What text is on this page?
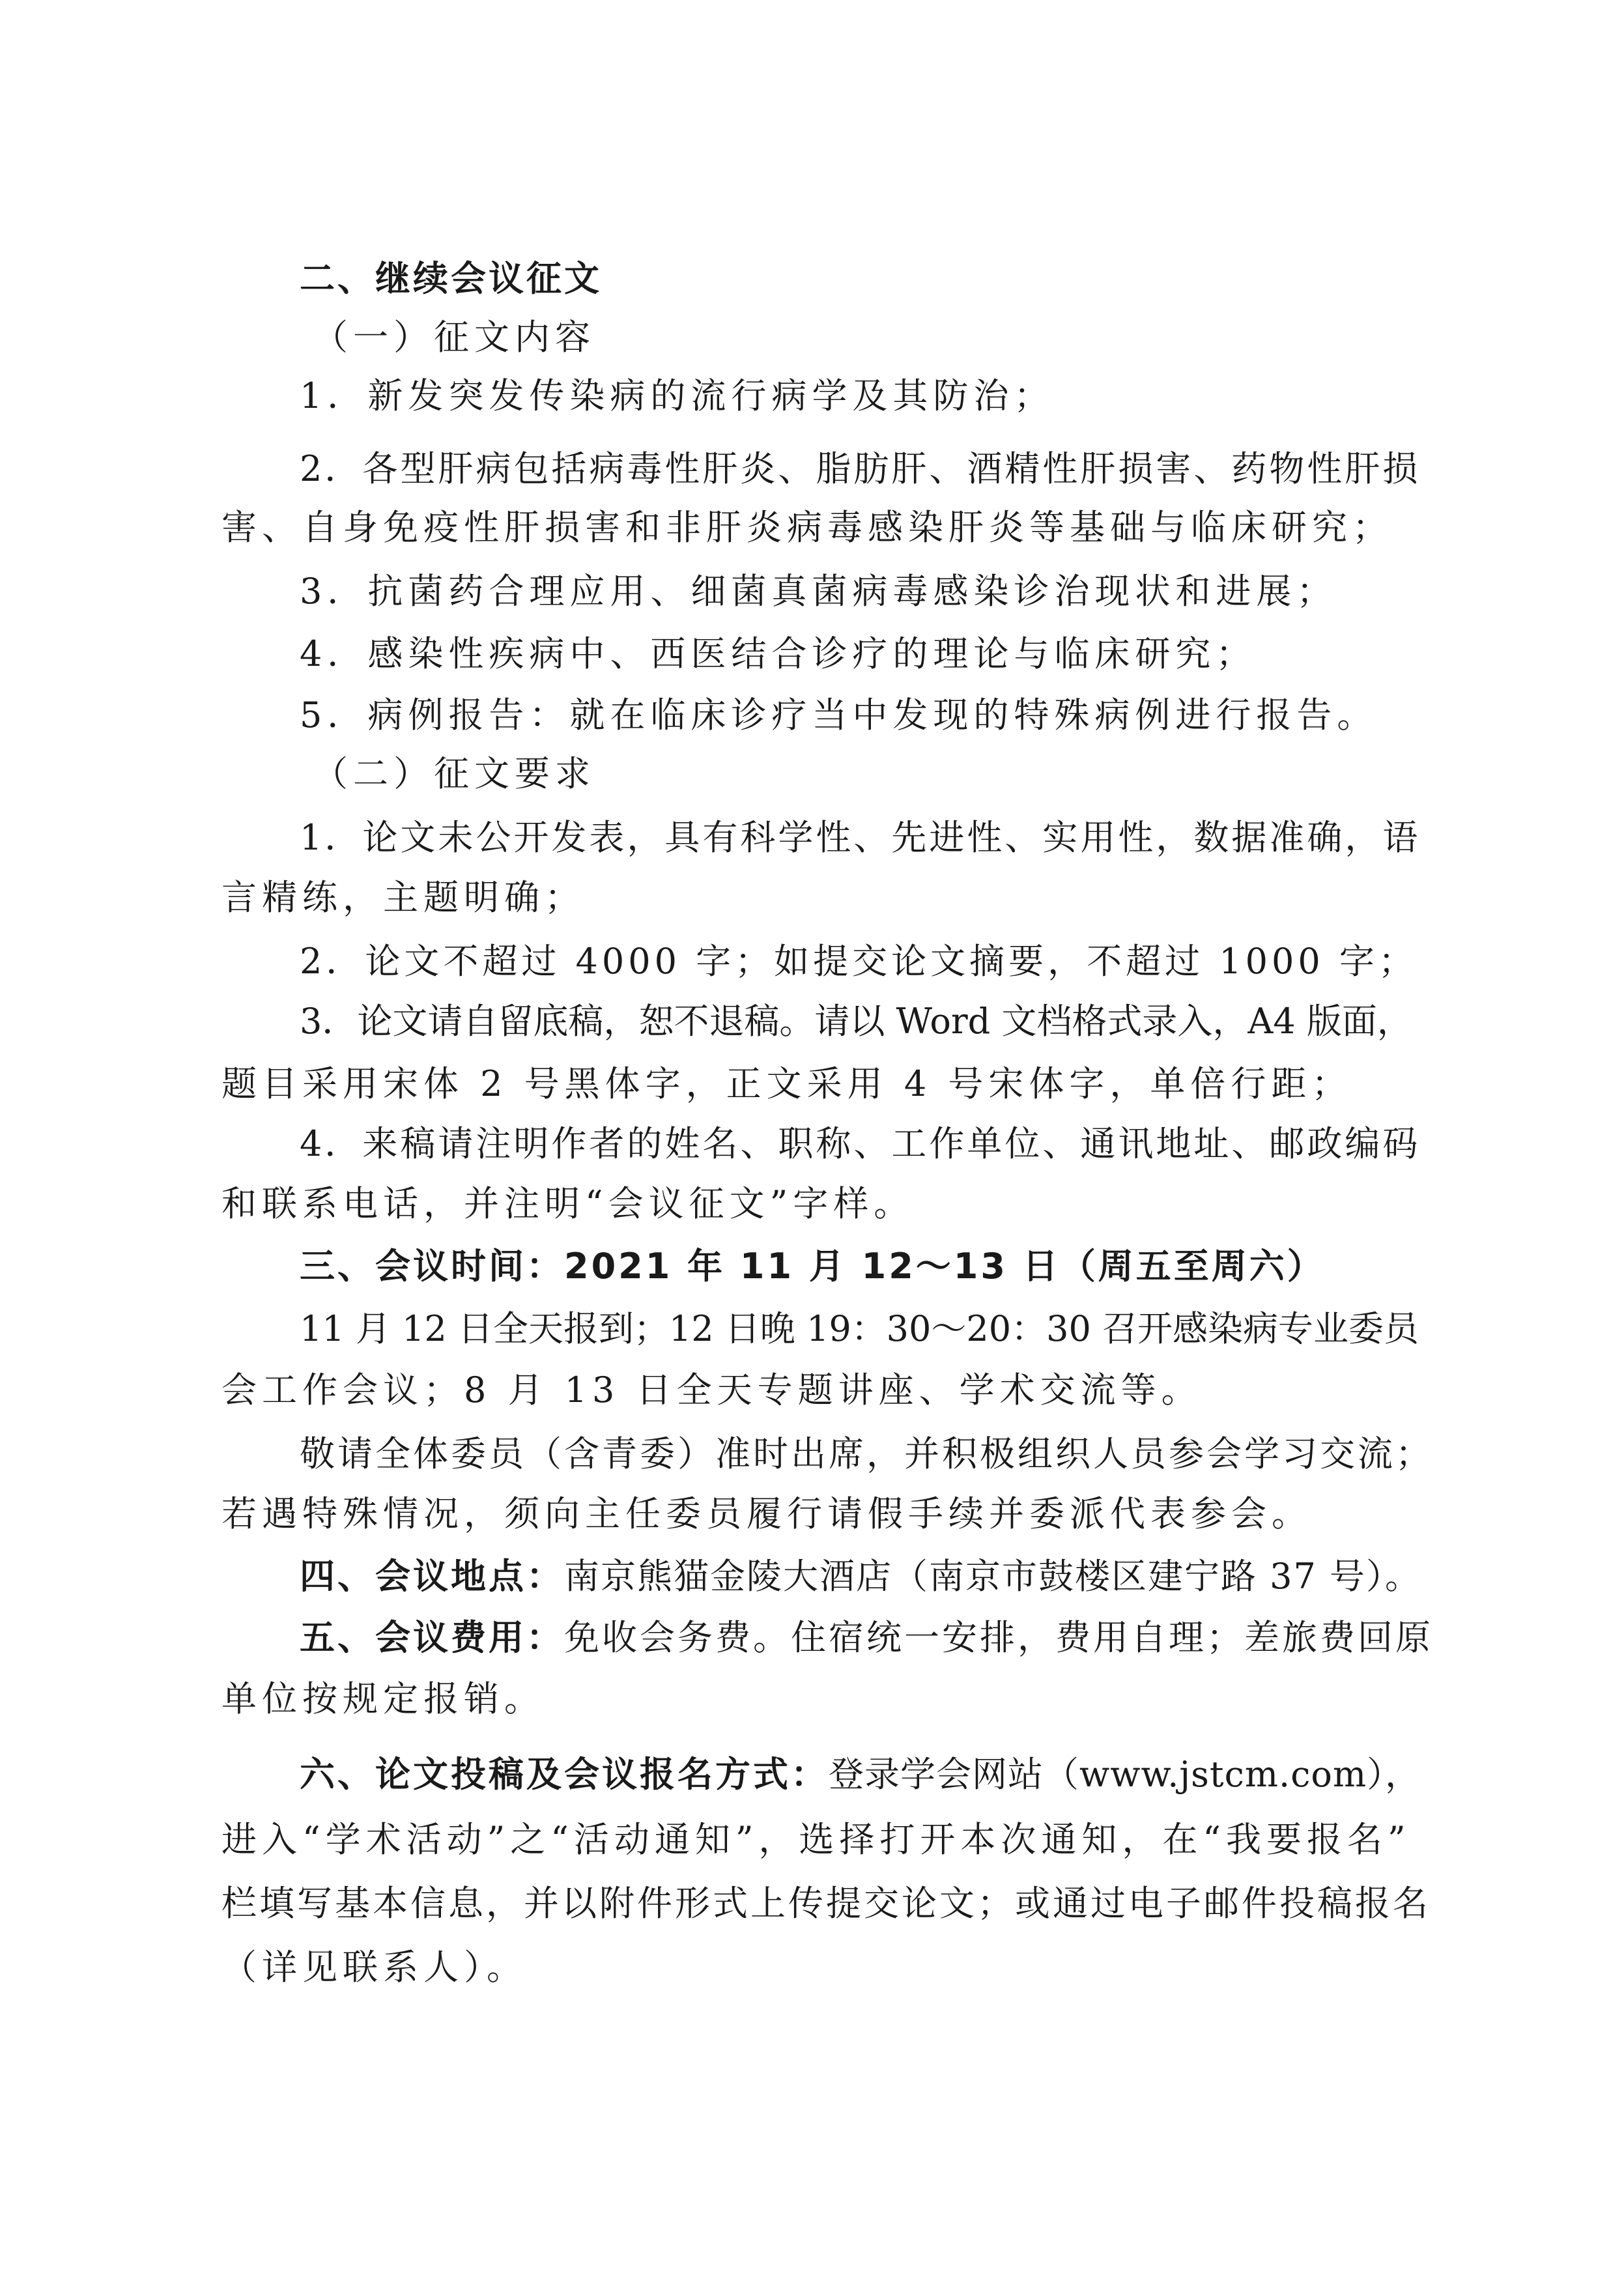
二、继续会议征文
（一）征文内容
1．新发突发传染病的流行病学及其防治；
2．各型肝病包括病毒性肝炎、脂肪肝、酒精性肝损害、药物性肝损
害、自身免疫性肝损害和非肝炎病毒感染肝炎等基础与临床研究；
3．抗菌药合理应用、细菌真菌病毒感染诊治现状和进展；
4．感染性疾病中、西医结合诊疗的理论与临床研究；
5．病例报告：就在临床诊疗当中发现的特殊病例进行报告。
（二）征文要求
1．论文未公开发表，具有科学性、先进性、实用性，数据准确，语
言精练，主题明确；
2．论文不超过 4000 字；如提交论文摘要，不超过 1000 字；
3．论文请自留底稿，恕不退稿。请以 Word 文档格式录入，A4 版面，
题目采用宋体 2 号黑体字，正文采用 4 号宋体字，单倍行距；
4．来稿请注明作者的姓名、职称、工作单位、通讯地址、邮政编码
和联系电话，并注明“会议征文”字样。
三、会议时间：2021 年 11 月 12～13 日（周五至周六）
11 月 12 日全天报到；12 日晚 19：30～20：30 召开感染病专业委员
会工作会议；8 月 13 日全天专题讲座、学术交流等。
敬请全体委员（含青委）准时出席，并积极组织人员参会学习交流；
若遇特殊情况，须向主任委员履行请假手续并委派代表参会。
四、会议地点：南京熊猫金陵大酒店（南京市鼓楼区建宁路 37 号）。
五、会议费用：免收会务费。住宿统一安排，费用自理；差旅费回原
单位按规定报销。
六、论文投稿及会议报名方式：登录学会网站（www.jstcm.com），
进入“学术活动”之“活动通知”，选择打开本次通知，在“我要报名”
栏填写基本信息，并以附件形式上传提交论文；或通过电子邮件投稿报名
（详见联系人）。
